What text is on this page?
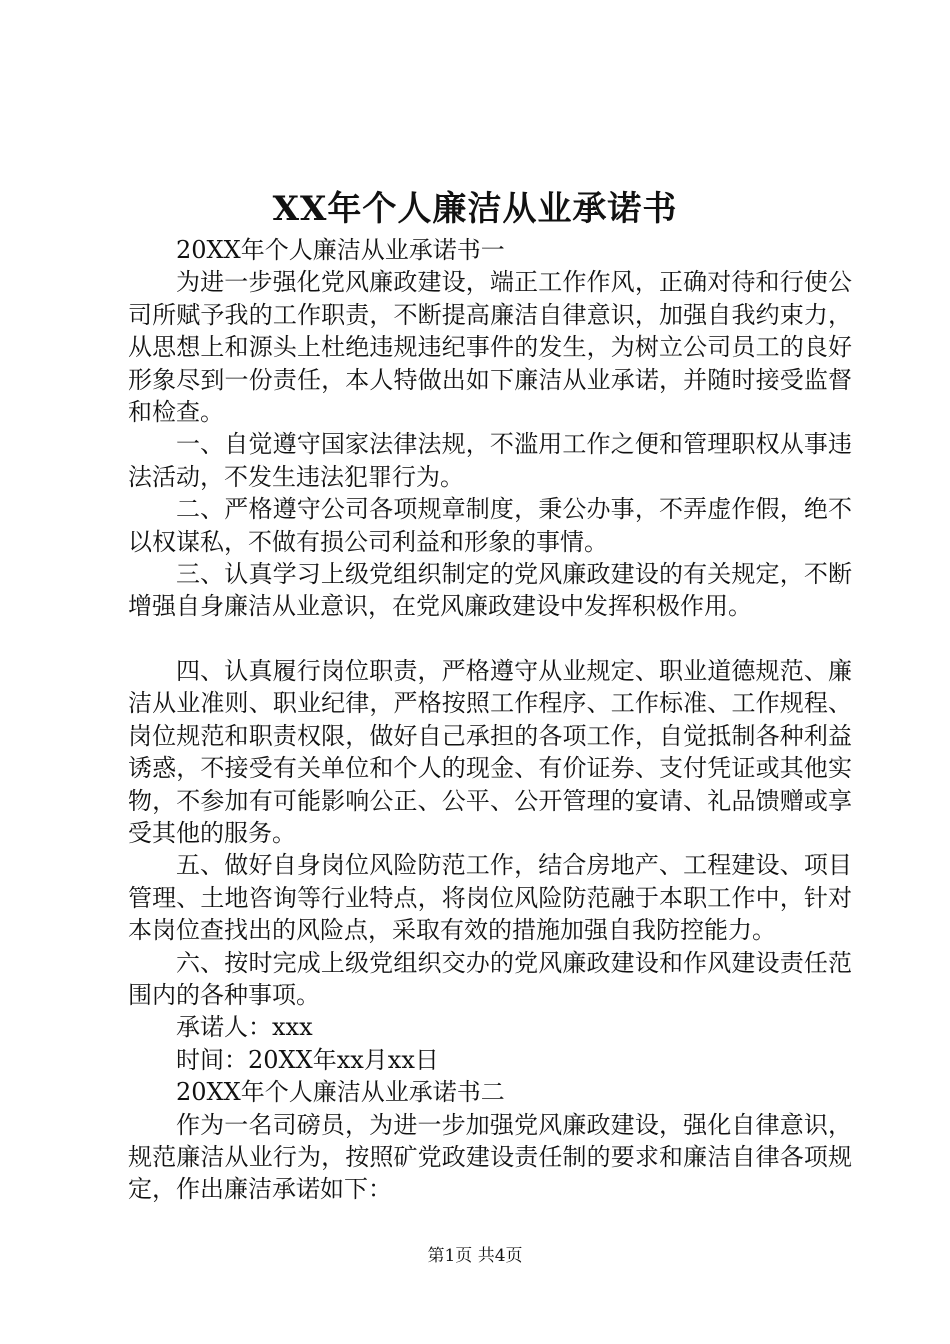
XX年个人廉洁从业承诺书

20XX年个人廉洁从业承诺书一

为进一步强化党风廉政建设，端正工作作风，正确对待和行使公司所赋予我的工作职责，不断提高廉洁自律意识，加强自我约束力，从思想上和源头上杜绝违规违纪事件的发生，为树立公司员工的良好形象尽到一份责任，本人特做出如下廉洁从业承诺，并随时接受监督和检查。

一、自觉遵守国家法律法规，不滥用工作之便和管理职权从事违法活动，不发生违法犯罪行为。

二、严格遵守公司各项规章制度，秉公办事，不弄虚作假，绝不以权谋私，不做有损公司利益和形象的事情。

三、认真学习上级党组织制定的党风廉政建设的有关规定，不断增强自身廉洁从业意识，在党风廉政建设中发挥积极作用。

四、认真履行岗位职责，严格遵守从业规定、职业道德规范、廉洁从业准则、职业纪律，严格按照工作程序、工作标准、工作规程、岗位规范和职责权限，做好自己承担的各项工作，自觉抵制各种利益诱惑，不接受有关单位和个人的现金、有价证券、支付凭证或其他实物，不参加有可能影响公正、公平、公开管理的宴请、礼品馈赠或享受其他的服务。

五、做好自身岗位风险防范工作，结合房地产、工程建设、项目管理、土地咨询等行业特点，将岗位风险防范融于本职工作中，针对本岗位查找出的风险点，采取有效的措施加强自我防控能力。

六、按时完成上级党组织交办的党风廉政建设和作风建设责任范围内的各种事项。

承诺人：xxx

时间：20XX年xx月xx日

20XX年个人廉洁从业承诺书二

作为一名司磅员，为进一步加强党风廉政建设，强化自律意识，规范廉洁从业行为，按照矿党政建设责任制的要求和廉洁自律各项规定，作出廉洁承诺如下：

第1页 共4页
